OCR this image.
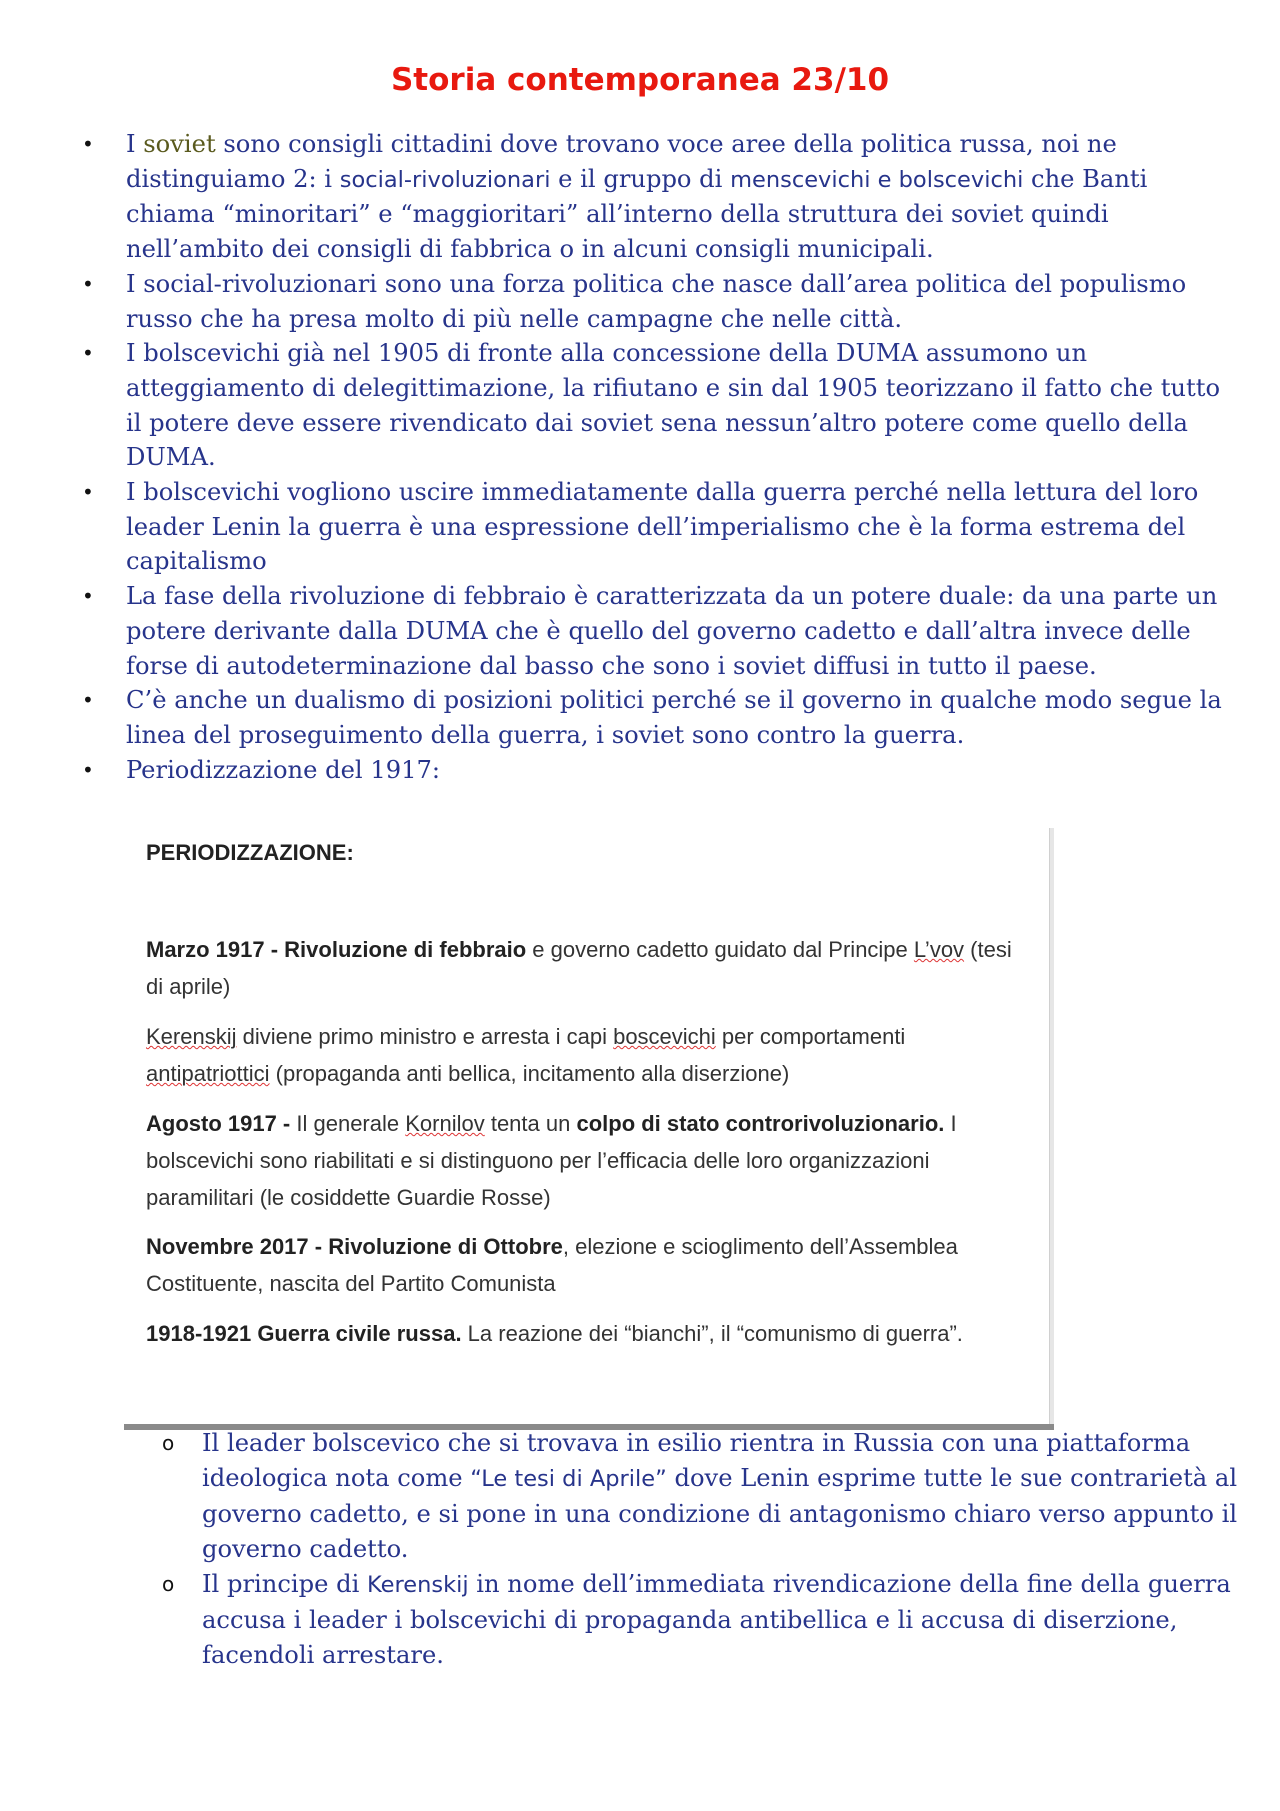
Storia contemporanea 23/10
• I soviet sono consigli cittadini dove trovano voce aree della politica russa, noi ne distinguiamo 2: i social-rivoluzionari e il gruppo di menscevichi e bolscevichi che Banti chiama “minoritari” e “maggioritari” all’interno della struttura dei soviet quindi nell’ambito dei consigli di fabbrica o in alcuni consigli municipali.
• I social-rivoluzionari sono una forza politica che nasce dall’area politica del populismo russo che ha presa molto di più nelle campagne che nelle città.
• I bolscevichi già nel 1905 di fronte alla concessione della DUMA assumono un atteggiamento di delegittimazione, la rifiutano e sin dal 1905 teorizzano il fatto che tutto il potere deve essere rivendicato dai soviet sena nessun’altro potere come quello della DUMA.
• I bolscevichi vogliono uscire immediatamente dalla guerra perché nella lettura del loro leader Lenin la guerra è una espressione dell’imperialismo che è la forma estrema del capitalismo
• La fase della rivoluzione di febbraio è caratterizzata da un potere duale: da una parte un potere derivante dalla DUMA che è quello del governo cadetto e dall’altra invece delle forse di autodeterminazione dal basso che sono i soviet diffusi in tutto il paese.
• C’è anche un dualismo di posizioni politici perché se il governo in qualche modo segue la linea del proseguimento della guerra, i soviet sono contro la guerra.
• Periodizzazione del 1917:
PERIODIZZAZIONE:
Marzo 1917 - Rivoluzione di febbraio e governo cadetto guidato dal Principe L’vov (tesi di aprile)
Kerenskij diviene primo ministro e arresta i capi boscevichi per comportamenti antipatriottici (propaganda anti bellica, incitamento alla diserzione)
Agosto 1917 - Il generale Kornilov tenta un colpo di stato controrivoluzionario. I bolscevichi sono riabilitati e si distinguono per l’efficacia delle loro organizzazioni paramilitari (le cosiddette Guardie Rosse)
Novembre 2017 - Rivoluzione di Ottobre, elezione e scioglimento dell’Assemblea Costituente, nascita del Partito Comunista
1918-1921 Guerra civile russa. La reazione dei “bianchi”, il “comunismo di guerra”.
o Il leader bolscevico che si trovava in esilio rientra in Russia con una piattaforma ideologica nota come “Le tesi di Aprile” dove Lenin esprime tutte le sue contrarietà al governo cadetto, e si pone in una condizione di antagonismo chiaro verso appunto il governo cadetto.
o Il principe di Kerenskij in nome dell’immediata rivendicazione della fine della guerra accusa i leader i bolscevichi di propaganda antibellica e li accusa di diserzione, facendoli arrestare.
